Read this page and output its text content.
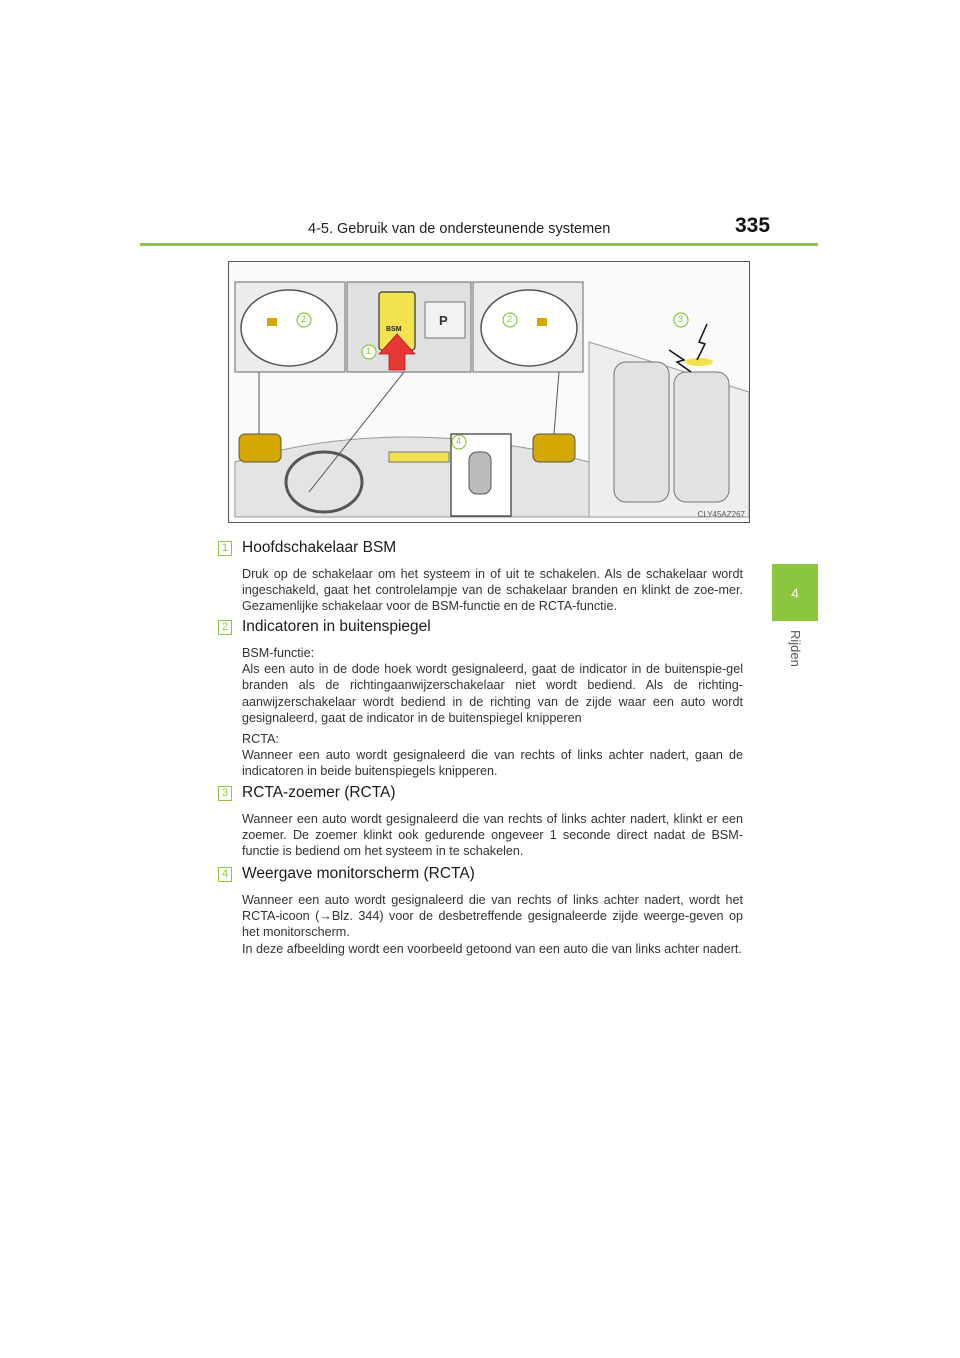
4-5. Gebruik van de ondersteunende systemen	335
4
Rijden
P
1
2	2	3
4
BSM
CLY45AZ267
1 Hoofdschakelaar BSM

Druk op de schakelaar om het systeem in of uit te schakelen. Als de schakelaar wordt ingeschakeld, gaat het controlelampje van de schakelaar branden en klinkt de zoe-mer. Gezamenlijke schakelaar voor de BSM-functie en de RCTA-functie.

2 Indicatoren in buitenspiegel

BSM-functie:

Als een auto in de dode hoek wordt gesignaleerd, gaat de indicator in de buitenspie-gel branden als de richtingaanwijzerschakelaar niet wordt bediend. Als de richting-aanwijzerschakelaar wordt bediend in de richting van de zijde waar een auto wordt gesignaleerd, gaat de indicator in de buitenspiegel knipperen

RCTA:

Wanneer een auto wordt gesignaleerd die van rechts of links achter nadert, gaan de indicatoren in beide buitenspiegels knipperen.

3 RCTA-zoemer (RCTA)

Wanneer een auto wordt gesignaleerd die van rechts of links achter nadert, klinkt er een zoemer. De zoemer klinkt ook gedurende ongeveer 1 seconde direct nadat de BSM-functie is bediend om het systeem in te schakelen.

4 Weergave monitorscherm (RCTA)

Wanneer een auto wordt gesignaleerd die van rechts of links achter nadert, wordt het RCTA-icoon (→Blz. 344) voor de desbetreffende gesignaleerde zijde weerge-geven op het monitorscherm.

In deze afbeelding wordt een voorbeeld getoond van een auto die van links achter nadert.
